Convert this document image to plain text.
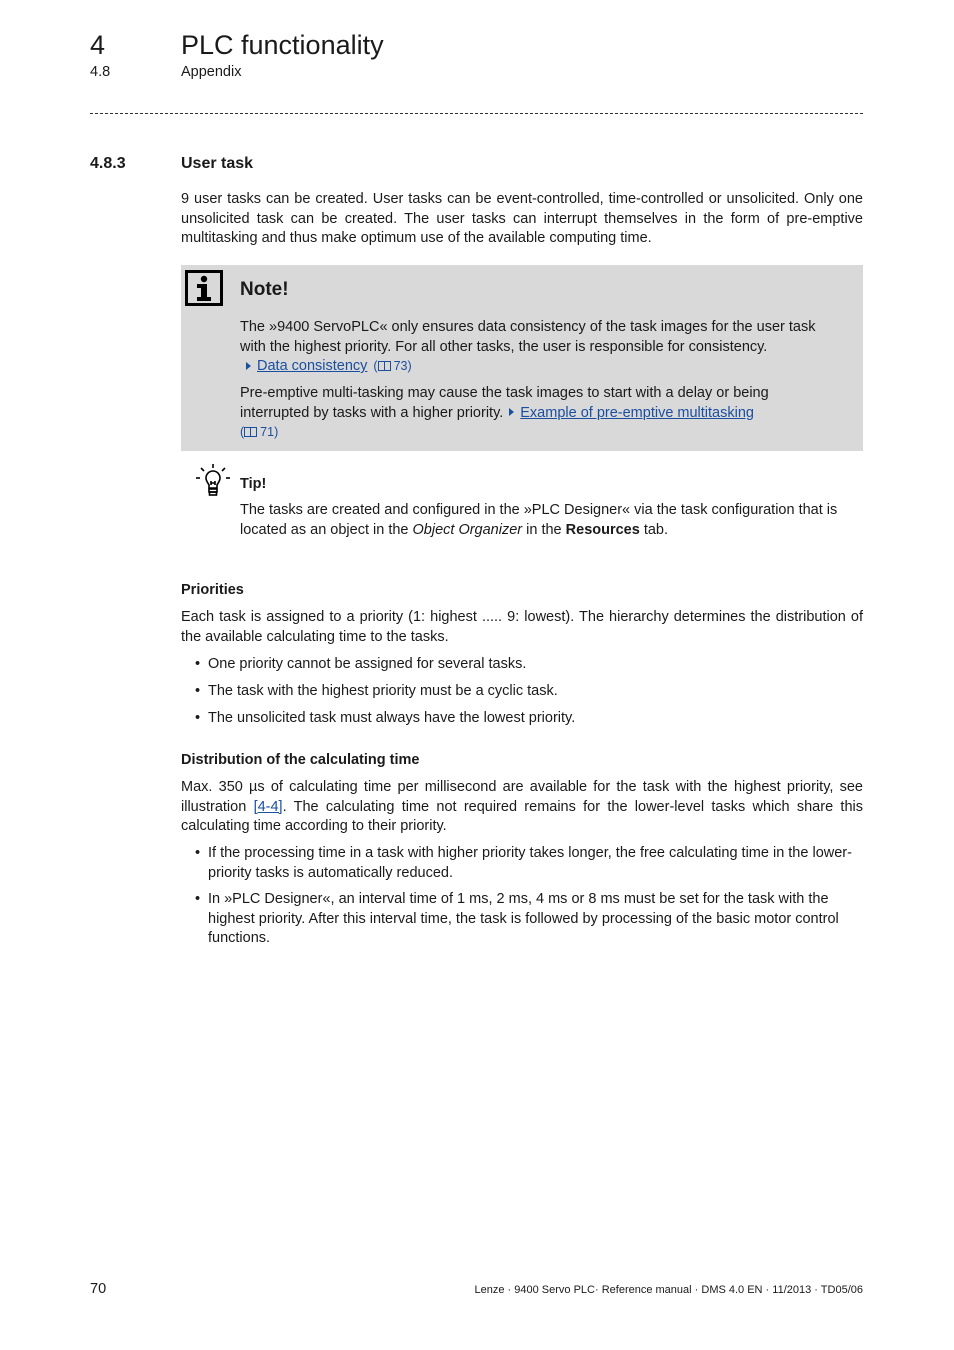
4	PLC functionality
4.8	Appendix
4.8.3	User task

9 user tasks can be created. User tasks can be event-controlled, time-controlled or unsolicited. Only one unsolicited task can be created. The user tasks can interrupt themselves in the form of pre-emptive multitasking and thus make optimum use of the available computing time.

Note!

The »9400 ServoPLC« only ensures data consistency of the task images for the user task with the highest priority. For all other tasks, the user is responsible for consistency.
Data consistency ( 73)

Pre-emptive multi-tasking may cause the task images to start with a delay or being interrupted by tasks with a higher priority. Example of pre-emptive multitasking
( 71)

Tip!

The tasks are created and configured in the »PLC Designer« via the task configuration that is located as an object in the Object Organizer in the Resources tab.

Priorities

Each task is assigned to a priority (1: highest ..... 9: lowest). The hierarchy determines the distribution of the available calculating time to the tasks.

• One priority cannot be assigned for several tasks.

• The task with the highest priority must be a cyclic task.

• The unsolicited task must always have the lowest priority.

Distribution of the calculating time

Max. 350 µs of calculating time per millisecond are available for the task with the highest priority, see illustration [4-4]. The calculating time not required remains for the lower-level tasks which share this calculating time according to their priority.

• If the processing time in a task with higher priority takes longer, the free calculating time in the lower-priority tasks is automatically reduced.

• In »PLC Designer«, an interval time of 1 ms, 2 ms, 4 ms or 8 ms must be set for the task with the highest priority. After this interval time, the task is followed by processing of the basic motor control functions.

70	Lenze · 9400 Servo PLC· Reference manual · DMS 4.0 EN · 11/2013 · TD05/06
